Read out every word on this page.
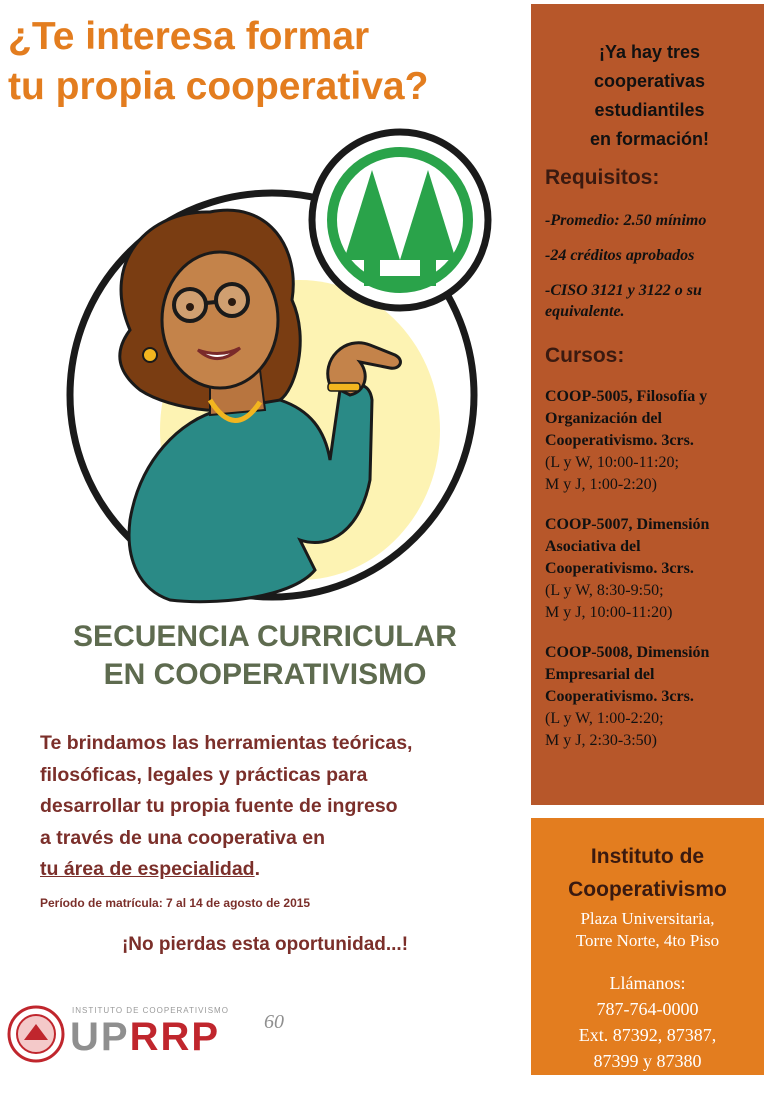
¿Te interesa formar
tu propia cooperativa?
SECUENCIA CURRICULAR
EN COOPERATIVISMO
Te brindamos las herramientas teóricas,
filosóficas, legales y prácticas para
desarrollar tu propia fuente de ingreso
a través de una cooperativa en
tu área de especialidad.
Período de matrícula: 7 al 14 de agosto de 2015
¡No pierdas esta oportunidad...!
INSTITUTO DE COOPERATIVISMO
UPRRP 60
¡Ya hay tres
cooperativas
estudiantiles
en formación!
Requisitos:
-Promedio: 2.50 mínimo
-24 créditos aprobados
-CISO 3121 y 3122 o su equivalente.
Cursos:
COOP-5005, Filosofía y Organización del Cooperativismo. 3crs.
(L y W, 10:00-11:20;
M y J, 1:00-2:20)
COOP-5007, Dimensión Asociativa del Cooperativismo. 3crs.
(L y W, 8:30-9:50;
M y J, 10:00-11:20)
COOP-5008, Dimensión Empresarial del Cooperativismo. 3crs.
(L y W, 1:00-2:20;
M y J, 2:30-3:50)
Instituto de
Cooperativismo
Plaza Universitaria,
Torre Norte, 4to Piso
Llámanos:
787-764-0000
Ext. 87392, 87387,
87399 y 87380
